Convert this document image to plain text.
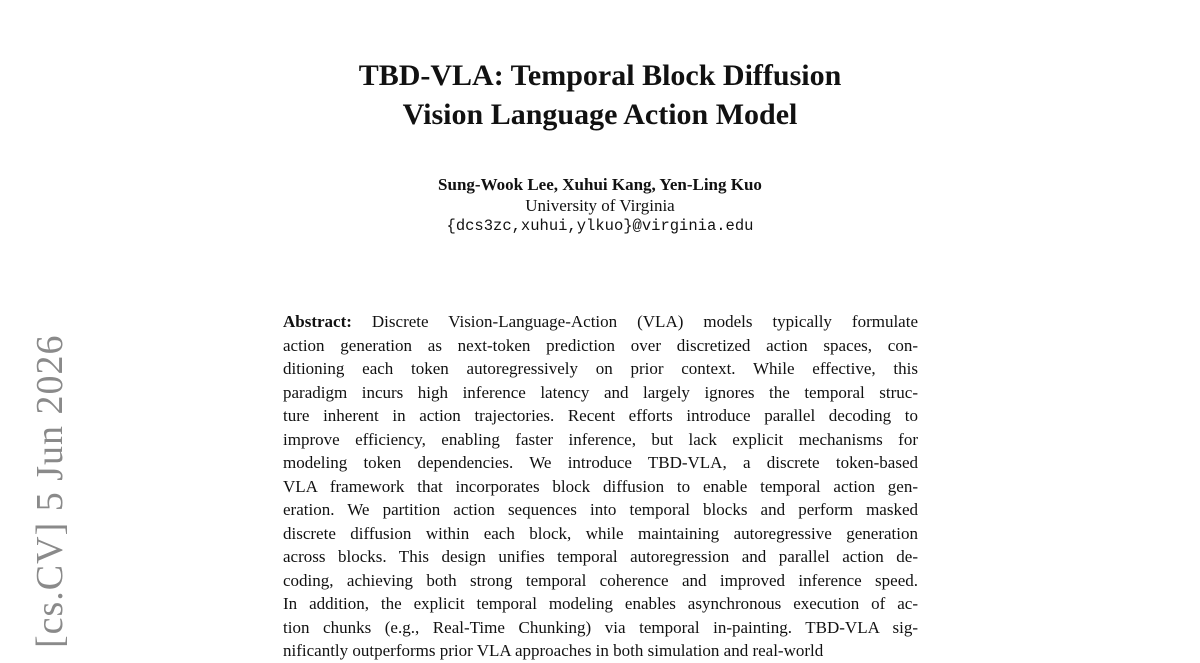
[cs.CV] 5 Jun 2026
TBD-VLA: Temporal Block Diffusion
Vision Language Action Model
Sung-Wook Lee, Xuhui Kang, Yen-Ling Kuo
University of Virginia
{dcs3zc,xuhui,ylkuo}@virginia.edu
Abstract: Discrete Vision-Language-Action (VLA) models typically formulate
action generation as next-token prediction over discretized action spaces, con-
ditioning each token autoregressively on prior context. While effective, this
paradigm incurs high inference latency and largely ignores the temporal struc-
ture inherent in action trajectories. Recent efforts introduce parallel decoding to
improve efficiency, enabling faster inference, but lack explicit mechanisms for
modeling token dependencies. We introduce TBD-VLA, a discrete token-based
VLA framework that incorporates block diffusion to enable temporal action gen-
eration. We partition action sequences into temporal blocks and perform masked
discrete diffusion within each block, while maintaining autoregressive generation
across blocks. This design unifies temporal autoregression and parallel action de-
coding, achieving both strong temporal coherence and improved inference speed.
In addition, the explicit temporal modeling enables asynchronous execution of ac-
tion chunks (e.g., Real-Time Chunking) via temporal in-painting. TBD-VLA sig-
nificantly outperforms prior VLA approaches in both simulation and real-world
